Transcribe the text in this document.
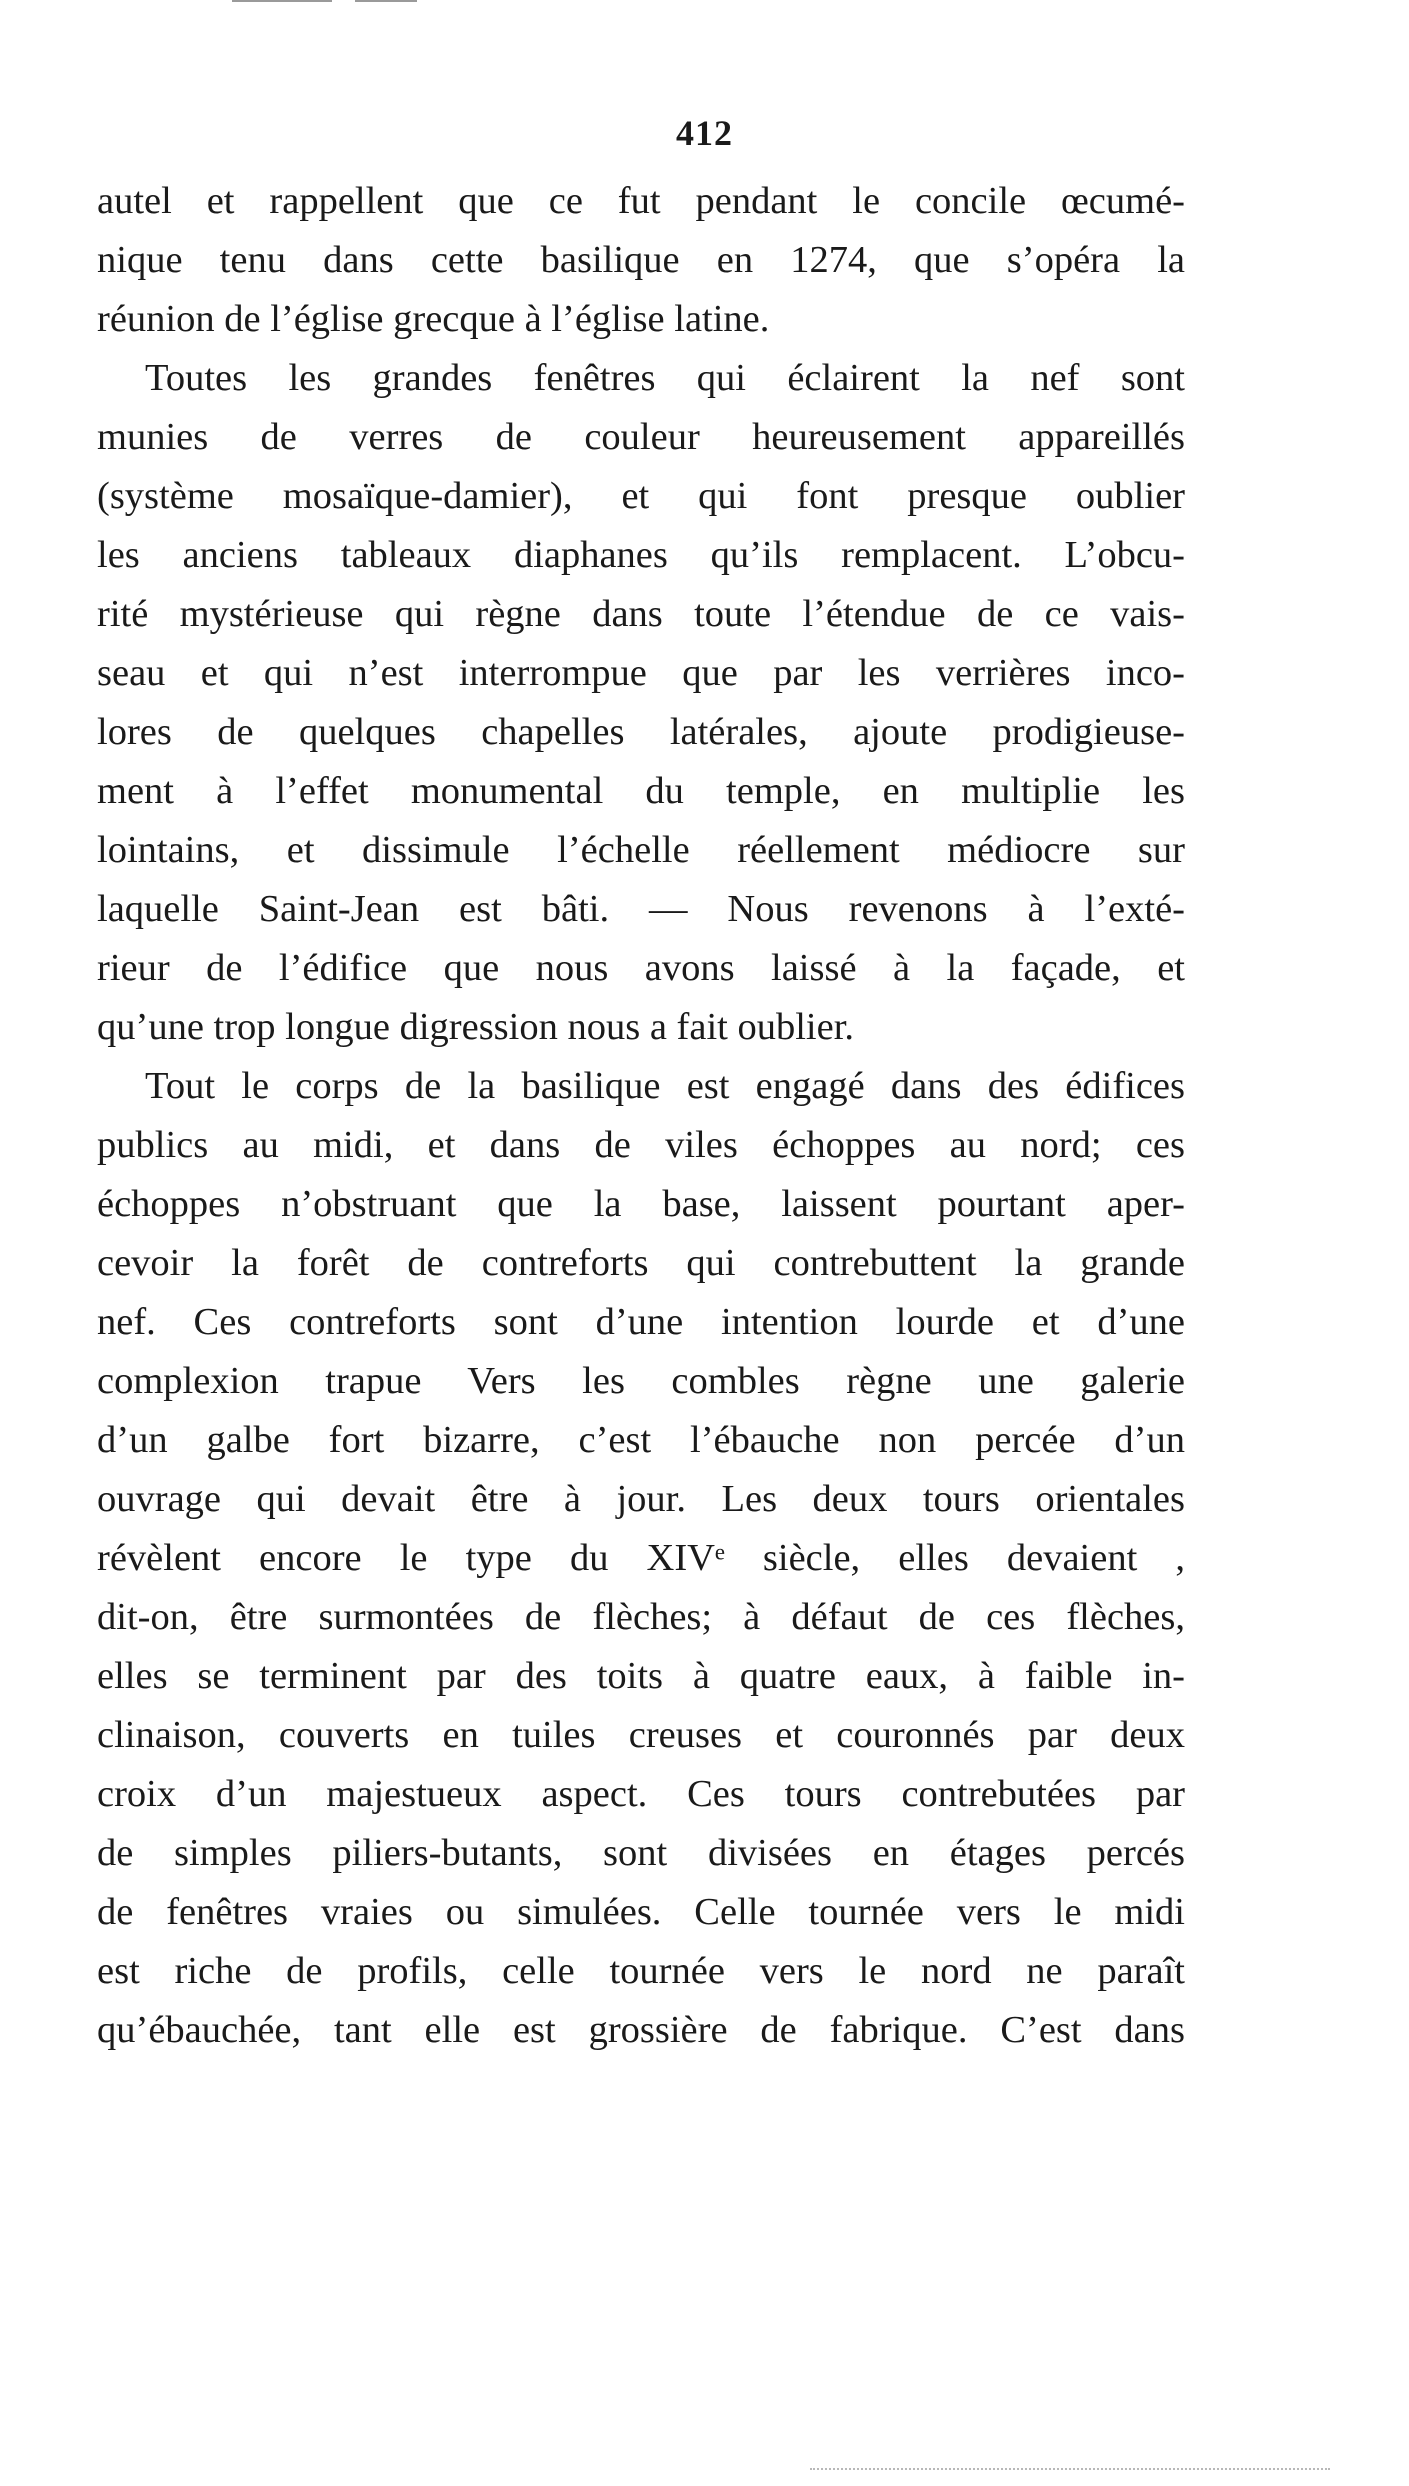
412
autel et rappellent que ce fut pendant le concile œcumé-
nique tenu dans cette basilique en 1274, que s’opéra la
réunion de l’église grecque à l’église latine.
Toutes les grandes fenêtres qui éclairent la nef sont
munies de verres de couleur heureusement appareillés
(système mosaïque-damier), et qui font presque oublier
les anciens tableaux diaphanes qu’ils remplacent. L’obcu-
rité mystérieuse qui règne dans toute l’étendue de ce vais-
seau et qui n’est interrompue que par les verrières inco-
lores de quelques chapelles latérales, ajoute prodigieuse-
ment à l’effet monumental du temple, en multiplie les
lointains, et dissimule l’échelle réellement médiocre sur
laquelle Saint-Jean est bâti. — Nous revenons à l’exté-
rieur de l’édifice que nous avons laissé à la façade, et
qu’une trop longue digression nous a fait oublier.
Tout le corps de la basilique est engagé dans des édifices
publics au midi, et dans de viles échoppes au nord; ces
échoppes n’obstruant que la base, laissent pourtant aper-
cevoir la forêt de contreforts qui contrebuttent la grande
nef. Ces contreforts sont d’une intention lourde et d’une
complexion trapue Vers les combles règne une galerie
d’un galbe fort bizarre, c’est l’ébauche non percée d’un
ouvrage qui devait être à jour. Les deux tours orientales
révèlent encore le type du XIVᵉ siècle, elles devaient ,
dit-on, être surmontées de flèches; à défaut de ces flèches,
elles se terminent par des toits à quatre eaux, à faible in-
clinaison, couverts en tuiles creuses et couronnés par deux
croix d’un majestueux aspect. Ces tours contrebutées par
de simples piliers-butants, sont divisées en étages percés
de fenêtres vraies ou simulées. Celle tournée vers le midi
est riche de profils, celle tournée vers le nord ne paraît
qu’ébauchée, tant elle est grossière de fabrique. C’est dans
